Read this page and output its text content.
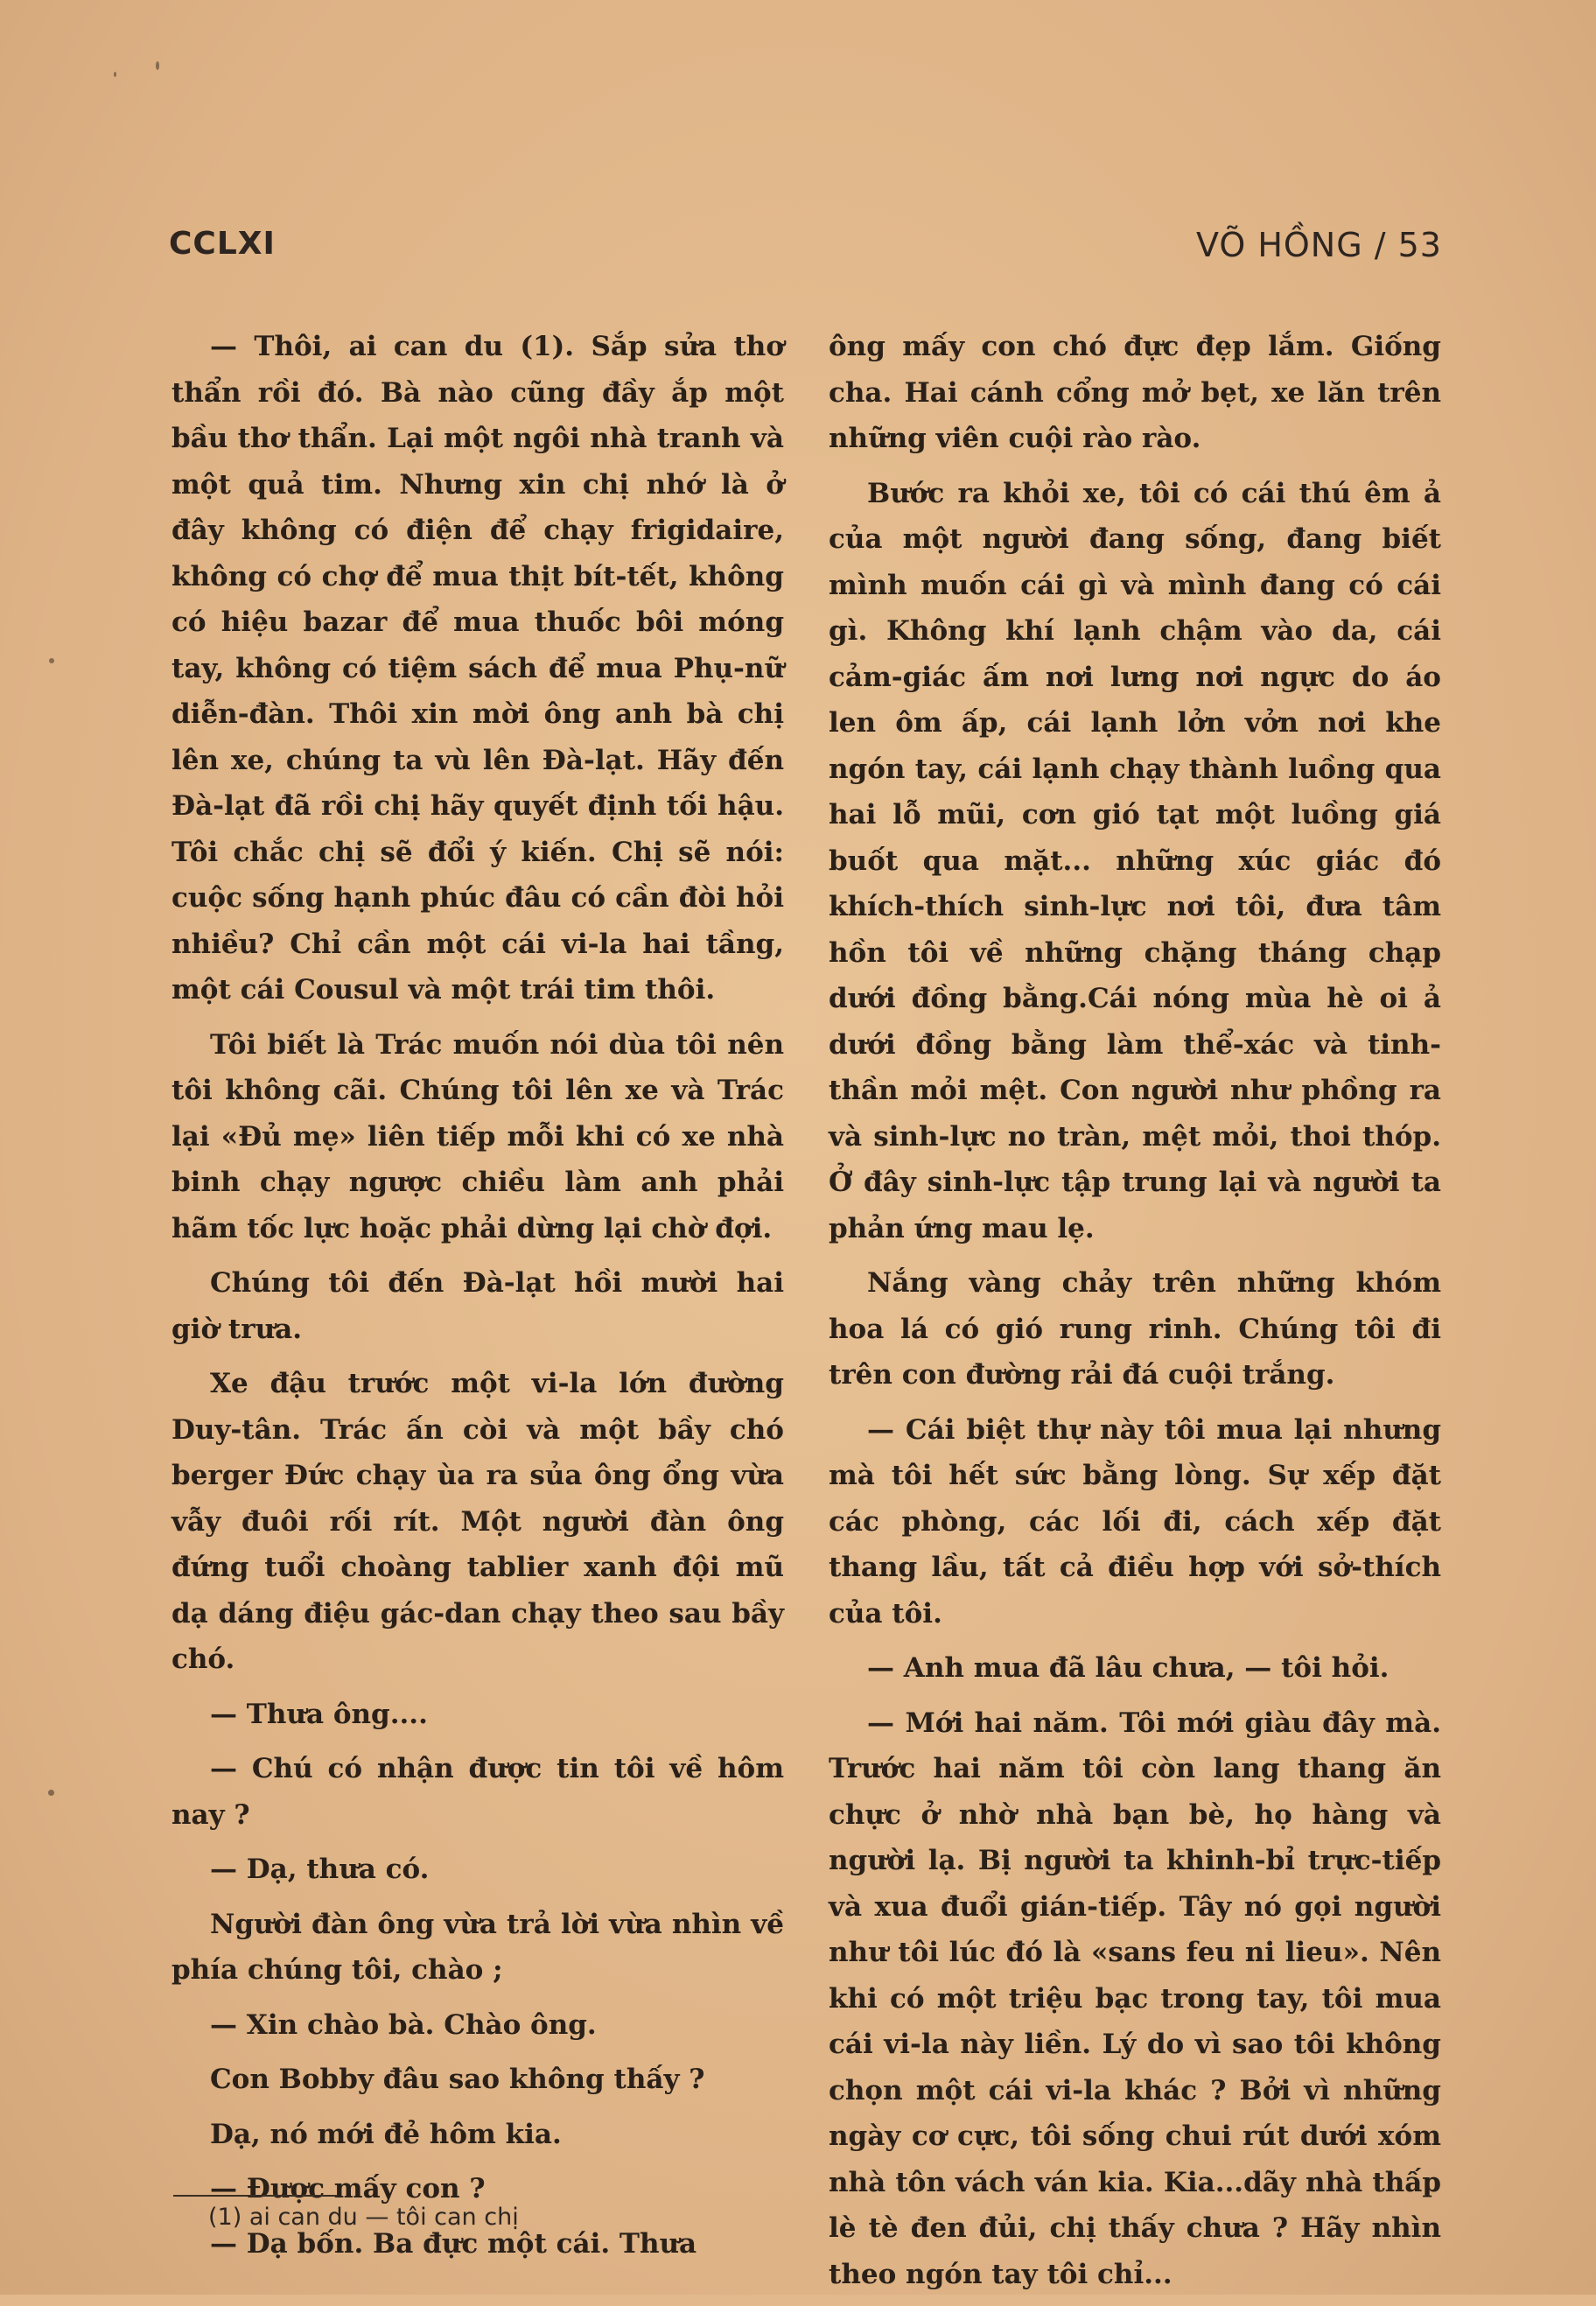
CCLXI	VÕ HỒNG / 53

— Thôi, ai can du (1). Sắp sửa thơ thẩn rồi đó. Bà nào cũng đầy ắp một bầu thơ thẩn. Lại một ngôi nhà tranh và một quả tim. Nhưng xin chị nhớ là ở đây không có điện để chạy frigidaire, không có chợ để mua thịt bít-tết, không có hiệu bazar để mua thuốc bôi móng tay, không có tiệm sách để mua Phụ-nữ diễn-đàn. Thôi xin mời ông anh bà chị lên xe, chúng ta vù lên Đà-lạt. Hãy đến Đà-lạt đã rồi chị hãy quyết định tối hậu. Tôi chắc chị sẽ đổi ý kiến. Chị sẽ nói: cuộc sống hạnh phúc đâu có cần đòi hỏi nhiều? Chỉ cần một cái vi-la hai tầng, một cái Cousul và một trái tim thôi.

Tôi biết là Trác muốn nói dùa tôi nên tôi không cãi. Chúng tôi lên xe và Trác lại «Đủ mẹ» liên tiếp mỗi khi có xe nhà binh chạy ngược chiều làm anh phải hãm tốc lực hoặc phải dừng lại chờ đợi.

Chúng tôi đến Đà-lạt hồi mười hai giờ trưa.

Xe đậu trước một vi-la lớn đường Duy-tân. Trác ấn còi và một bầy chó berger Đức chạy ùa ra sủa ông ổng vừa vẫy đuôi rối rít. Một người đàn ông đứng tuổi choàng tablier xanh đội mũ dạ dáng điệu gác-dan chạy theo sau bầy chó.

— Thưa ông....

— Chú có nhận được tin tôi về hôm nay ?

— Dạ, thưa có.

Người đàn ông vừa trả lời vừa nhìn về phía chúng tôi, chào ;

— Xin chào bà. Chào ông.

Con Bobby đâu sao không thấy ?

Dạ, nó mới đẻ hôm kia.

— Được mấy con ?

— Dạ bốn. Ba đực một cái. Thưa

ông mấy con chó đực đẹp lắm. Giống cha. Hai cánh cổng mở bẹt, xe lăn trên những viên cuội rào rào.

Bước ra khỏi xe, tôi có cái thú êm ả của một người đang sống, đang biết mình muốn cái gì và mình đang có cái gì. Không khí lạnh chậm vào da, cái cảm-giác ấm nơi lưng nơi ngực do áo len ôm ấp, cái lạnh lởn vởn nơi khe ngón tay, cái lạnh chạy thành luồng qua hai lỗ mũi, cơn gió tạt một luồng giá buốt qua mặt... những xúc giác đó khích-thích sinh-lực nơi tôi, đưa tâm hồn tôi về những chặng tháng chạp dưới đồng bằng.Cái nóng mùa hè oi ả dưới đồng bằng làm thể-xác và tinh-thần mỏi mệt. Con người như phồng ra và sinh-lực no tràn, mệt mỏi, thoi thóp. Ở đây sinh-lực tập trung lại và người ta phản ứng mau lẹ.

Nắng vàng chảy trên những khóm hoa lá có gió rung rinh. Chúng tôi đi trên con đường rải đá cuội trắng.

— Cái biệt thự này tôi mua lại nhưng mà tôi hết sức bằng lòng. Sự xếp đặt các phòng, các lối đi, cách xếp đặt thang lầu, tất cả điều hợp với sở-thích của tôi.

— Anh mua đã lâu chưa, — tôi hỏi.

— Mới hai năm. Tôi mới giàu đây mà. Trước hai năm tôi còn lang thang ăn chực ở nhờ nhà bạn bè, họ hàng và người lạ. Bị người ta khinh-bỉ trực-tiếp và xua đuổi gián-tiếp. Tây nó gọi người như tôi lúc đó là «sans feu ni lieu». Nên khi có một triệu bạc trong tay, tôi mua cái vi-la này liền. Lý do vì sao tôi không chọn một cái vi-la khác ? Bởi vì những ngày cơ cực, tôi sống chui rút dưới xóm nhà tôn vách ván kia. Kia...dãy nhà thấp lè tè đen đủi, chị thấy chưa ? Hãy nhìn theo ngón tay tôi chỉ...

(1) ai can du — tôi can chị
